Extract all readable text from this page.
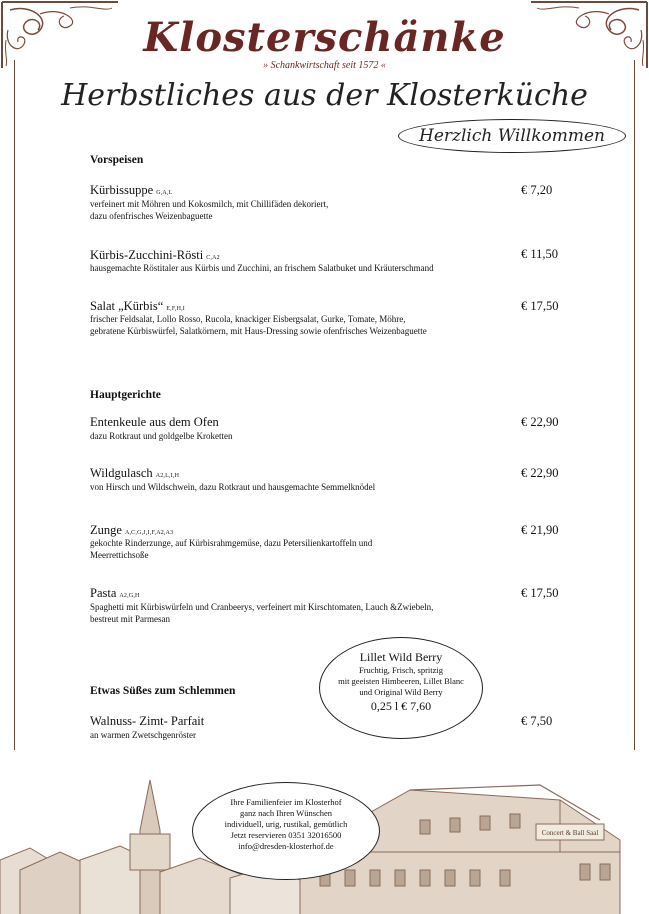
Klosterschänke
» Schankwirtschaft seit 1572 «
Herbstliches aus der Klosterküche
Herzlich Willkommen
Vorspeisen
Kürbissuppe G,A,L
verfeinert mit Möhren und Kokosmilch, mit Chillifäden dekoriert,
dazu ofenfrisches Weizenbaguette
€ 7,20
Kürbis-Zucchini-Rösti C,A2
hausgemachte Röstitaler aus Kürbis und Zucchini, an frischem Salatbuket und Kräuterschmand
€ 11,50
Salat „Kürbis“ E,F,H,I
frischer Feldsalat, Lollo Rosso, Rucola, knackiger Eisbergsalat, Gurke, Tomate, Möhre,
gebratene Kürbiswürfel, Salatkörnern, mit Haus-Dressing sowie ofenfrisches Weizenbaguette
€ 17,50
Hauptgerichte
Entenkeule aus dem Ofen
dazu Rotkraut und goldgelbe Kroketten
€ 22,90
Wildgulasch A2,L,I,H
von Hirsch und Wildschwein, dazu Rotkraut und hausgemachte Semmelknödel
€ 22,90
Zunge A,C,G,J,I,F,A2,A3
gekochte Rinderzunge, auf Kürbisrahmgemüse, dazu Petersilienkartoffeln und
Meerrettichsoße
€ 21,90
Pasta A2,G,H
Spaghetti mit Kürbiswürfeln und Cranbeerys, verfeinert mit Kirschtomaten, Lauch &Zwiebeln,
bestreut mit Parmesan
€ 17,50
Lillet Wild Berry
Fruchtig, Frisch, spritzig
mit geeisten Himbeeren, Lillet Blanc
und Original Wild Berry
0,25 l € 7,60
Etwas Süßes zum Schlemmen
Walnuss- Zimt- Parfait
an warmen Zwetschgenröster
€ 7,50
Concert & Ball Saal
Ihre Familienfeier im Klosterhof
ganz nach Ihren Wünschen
individuell, urig, rustikal, gemütlich
Jetzt reservieren 0351 32016500
info@dresden-klosterhof.de
